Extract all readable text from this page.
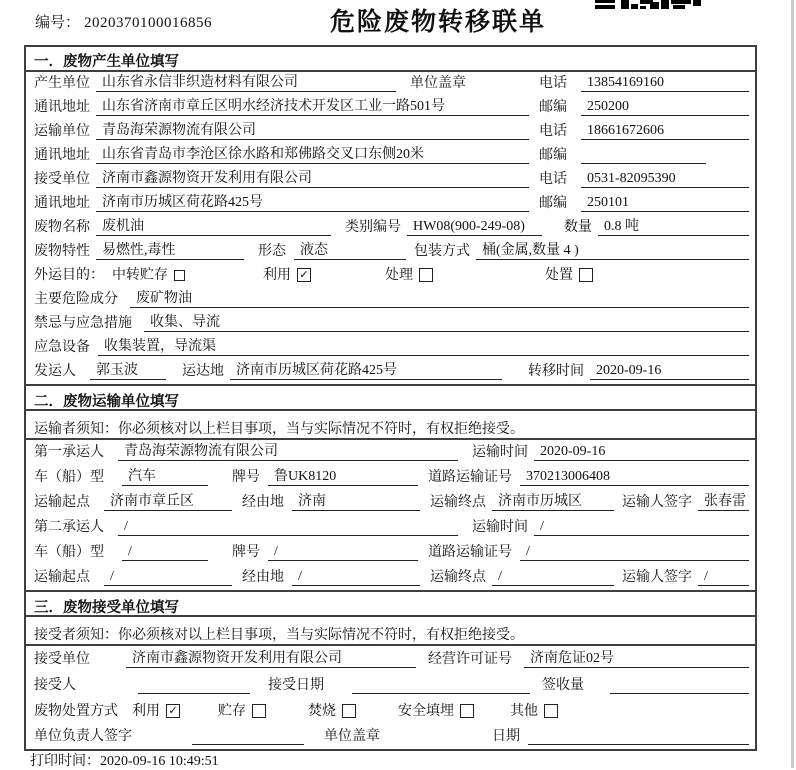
编号： 2020370100016856	危险废物转移联单
一．废物产生单位填写
产生单位 山东省永信非织造材料有限公司	单位盖章	电话	13854169160
通讯地址 山东省济南市章丘区明水经济技术开发区工业一路501号	邮编	250200
运输单位 青岛海荣源物流有限公司	电话	18661672606
通讯地址 山东省青岛市李沧区徐水路和郑佛路交叉口东侧20米	邮编
接受单位 济南市鑫源物资开发利用有限公司	电话	0531-82095390
通讯地址 济南市历城区荷花路425号	邮编	250101
废物名称 废机油	类别编号 HW08(900-249-08)	数量 0.8 吨
废物特性 易燃性,毒性	形态	液态	包装方式 桶(金属,数量 4 )
外运目的： 中转贮存	利用 ✓	处理	处置
主要危险成分	废矿物油
禁忌与应急措施	收集、导流
应急设备	收集装置，导流渠
发运人	郭玉波	运达地 济南市历城区荷花路425号	转移时间 2020-09-16
二．废物运输单位填写
运输者须知：你必须核对以上栏目事项，当与实际情况不符时，有权拒绝接受。
第一承运人	青岛海荣源物流有限公司	运输时间 2020-09-16
车（船）型	汽车	牌号	鲁UK8120	道路运输证号	370213006408
运输起点	济南市章丘区	经由地	济南	运输终点 济南市历城区	运输人签字 张春雷
第二承运人	/	运输时间 /
车（船）型	/	牌号	/	道路运输证号	/
运输起点	/	经由地	/	运输终点 /	运输人签字 /
三．废物接受单位填写
接受者须知：你必须核对以上栏目事项，当与实际情况不符时，有权拒绝接受。
接受单位	济南市鑫源物资开发利用有限公司	经营许可证号	济南危证02号
接受人	接受日期	签收量
废物处置方式 利用 ✓	贮存	焚烧	安全填埋	其他
单位负责人签字	单位盖章	日期
打印时间：2020-09-16 10:49:51
